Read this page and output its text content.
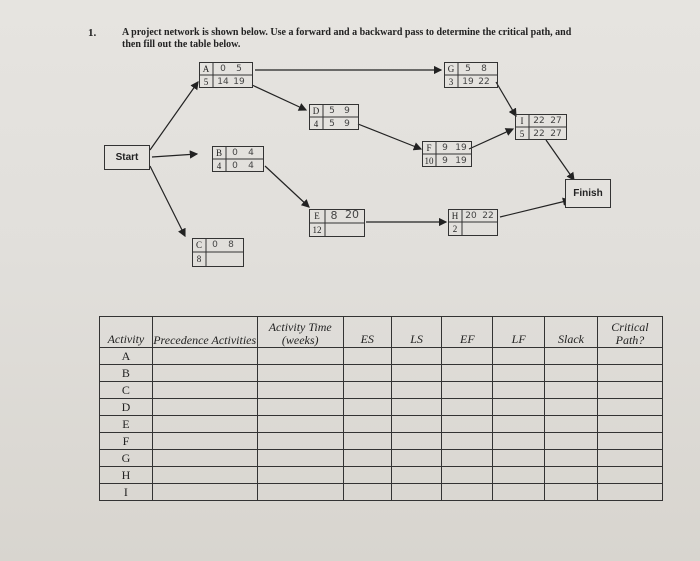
1.	A project network is shown below. Use a forward and a backward pass to determine the critical path, and
then fill out the table below.
Start
Finish
A
5
0	5
14 19
G
3
5	8
19 22
D
4
5	9
5	9	I
5
22 27
22 27
B
4
0	4
0	4
F
10
9 19
9 19
E
12
8 20	H
2
20 22
C
8
0	8
Activity	Precedence Activities	Activity Time (weeks)	ES	LS	EF	LF	Slack	Critical Path?
A								
B								
C								
D								
E								
F								
G								
H								
I								
